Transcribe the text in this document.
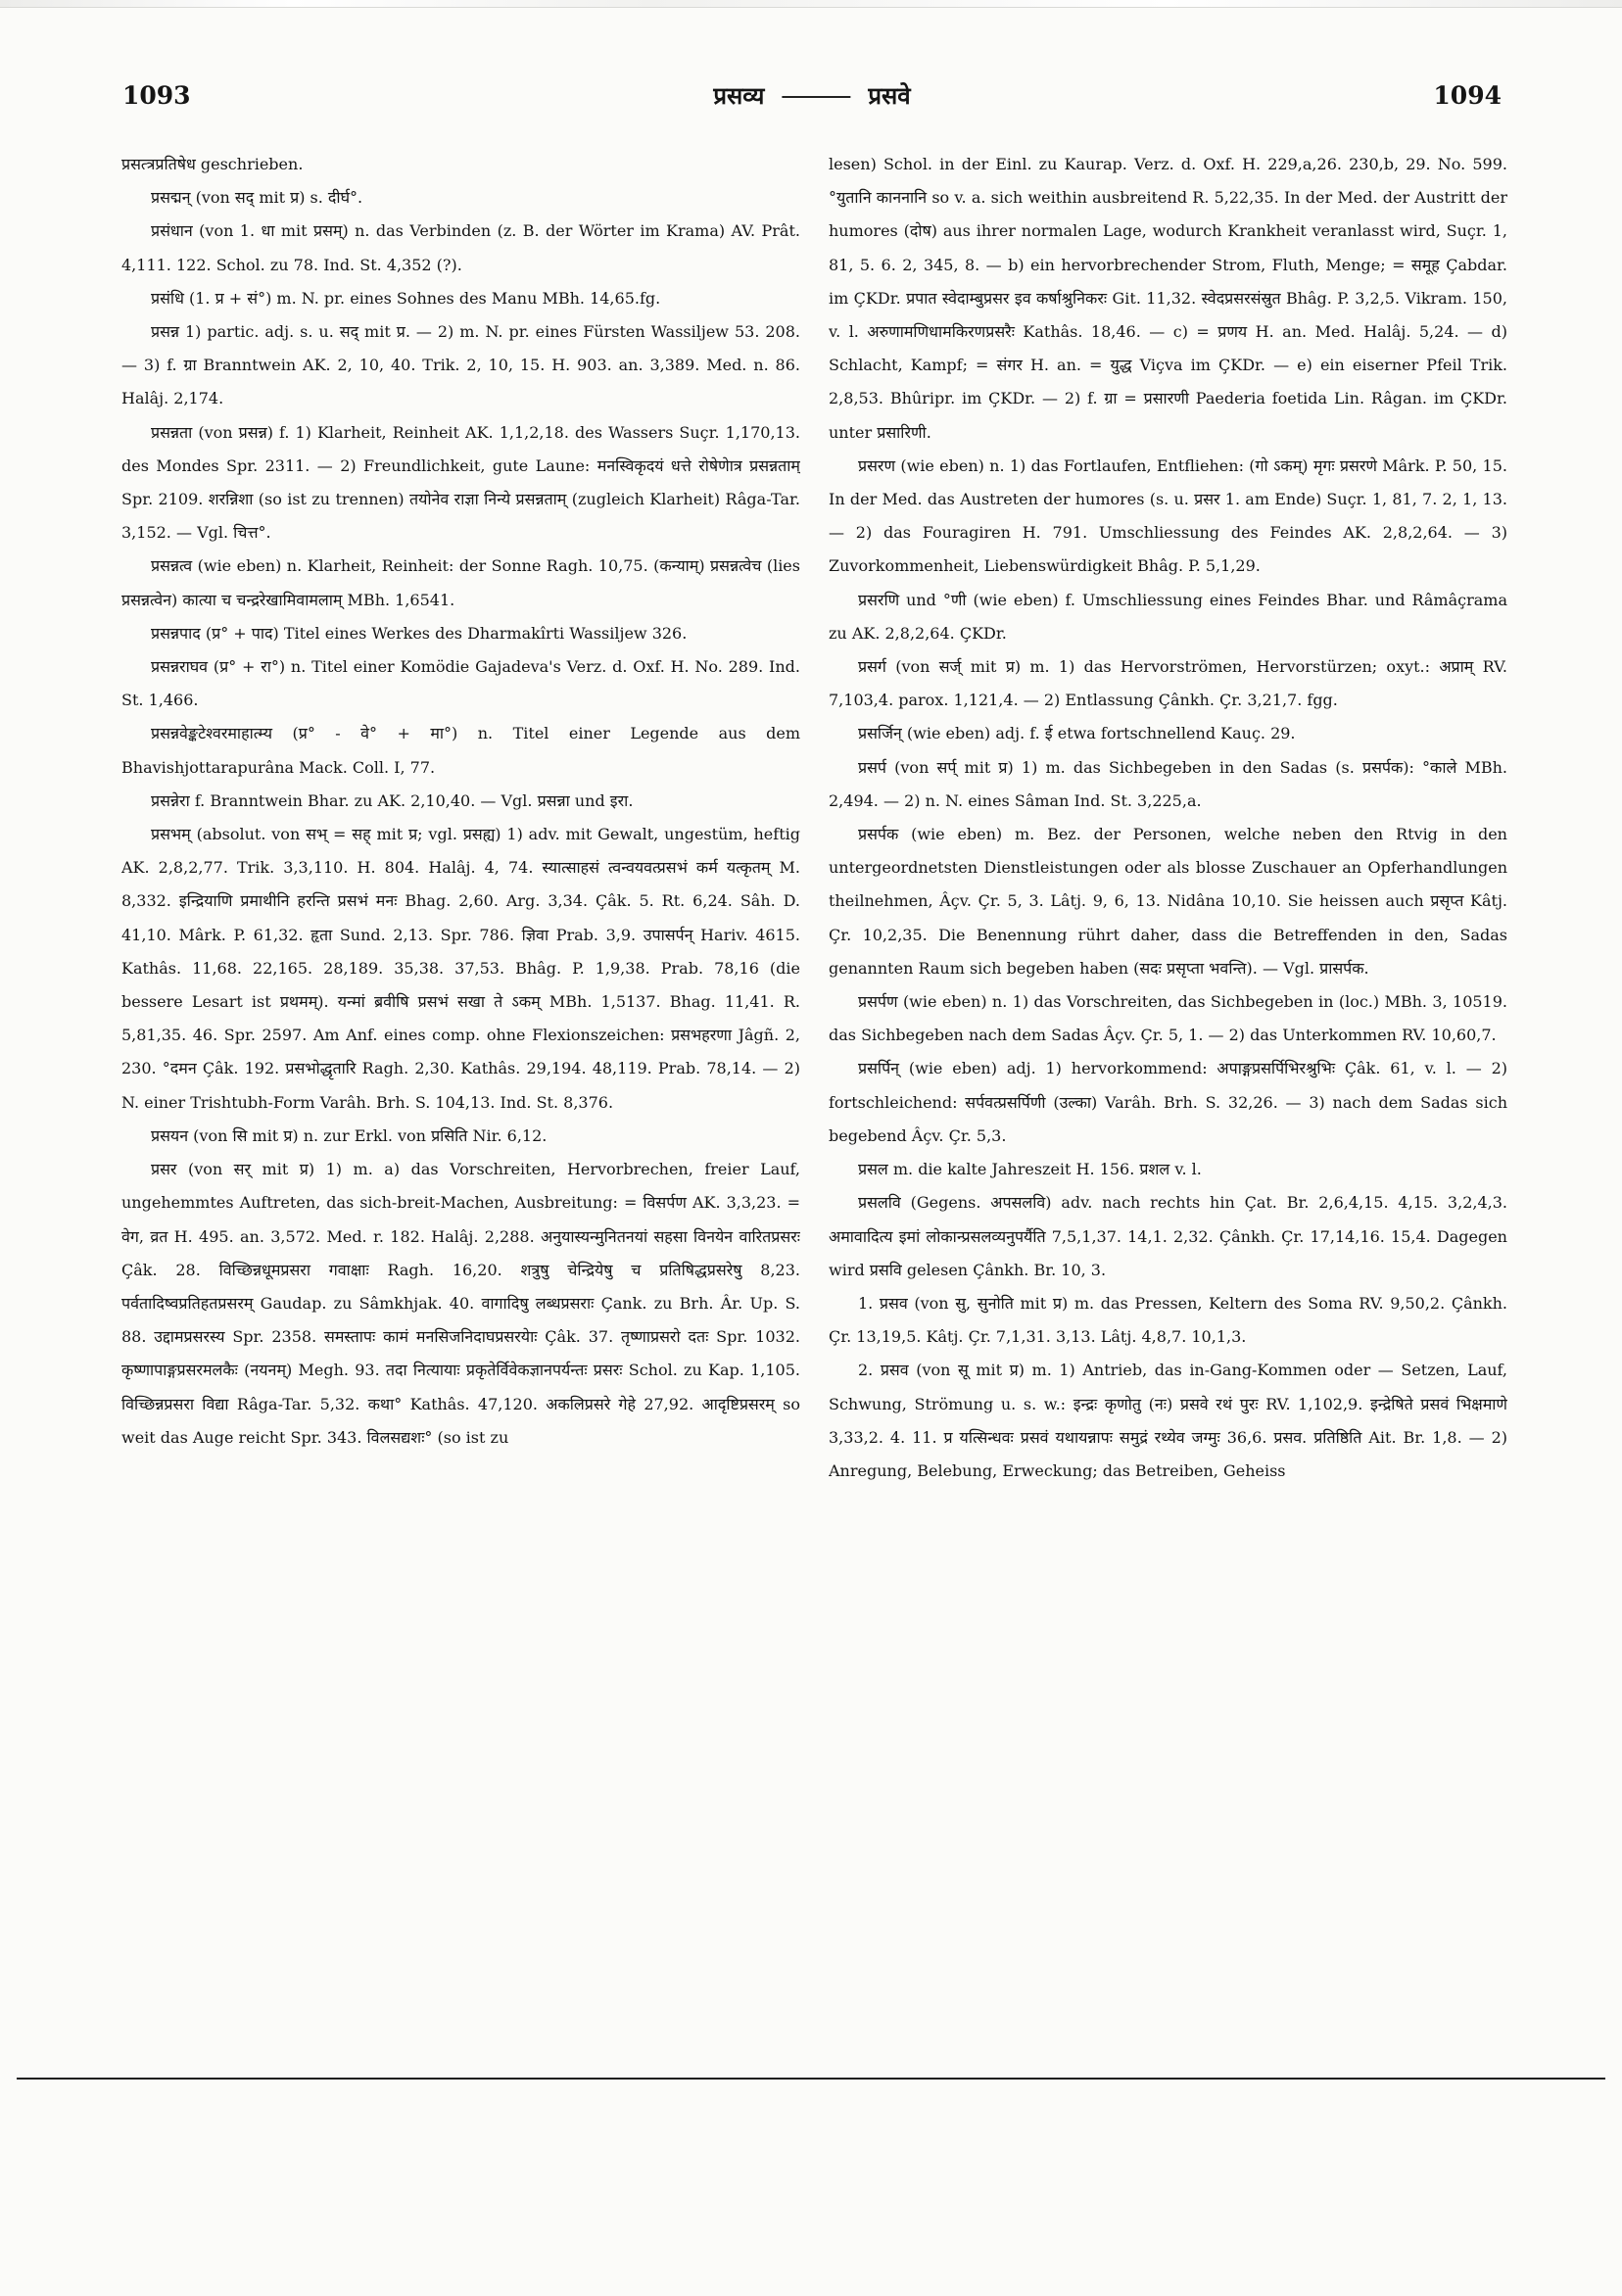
1093	प्रसव्य	प्रसवे	1094

प्रसत्त्रप्रतिषेध geschrieben.

प्रसद्मन् (von सद् mit प्र) s. दीर्घ°.

प्रसंधान (von 1. धा mit प्रसम्) n. das Verbinden (z. B. der Wörter im Krama) AV. Prât. 4,111. 122. Schol. zu 78. Ind. St. 4,352 (?).

प्रसंधि (1. प्र + सं°) m. N. pr. eines Sohnes des Manu MBh. 14,65.fg.

प्रसन्न 1) partic. adj. s. u. सद् mit प्र. — 2) m. N. pr. eines Fürsten Wassiljew 53. 208. — 3) f. ग्रा Branntwein AK. 2, 10, 40. Trik. 2, 10, 15. H. 903. an. 3,389. Med. n. 86. Halâj. 2,174.

प्रसन्नता (von प्रसन्न) f. 1) Klarheit, Reinheit AK. 1,1,2,18. des Wassers Suçr. 1,170,13. des Mondes Spr. 2311. — 2) Freundlichkeit, gute Laune: मनस्विकृदयं धत्ते रोषेणेात्र प्रसन्नताम् Spr. 2109. शरन्निशा (so ist zu trennen) तयोनेव राज्ञा निन्ये प्रसन्नताम् (zugleich Klarheit) Râga-Tar. 3,152. — Vgl. चित्त°.

प्रसन्नत्व (wie eben) n. Klarheit, Reinheit: der Sonne Ragh. 10,75. (कन्याम्) प्रसन्नत्वेच (lies प्रसन्नत्वेन) कात्या च चन्द्ररेखामिवामलाम् MBh. 1,6541.

प्रसन्नपाद (प्र° + पाद) Titel eines Werkes des Dharmakîrti Wassiljew 326.

प्रसन्नराघव (प्र° + रा°) n. Titel einer Komödie Gajadeva's Verz. d. Oxf. H. No. 289. Ind. St. 1,466.

प्रसन्नवेङ्कटेश्वरमाहात्म्य (प्र° - वे° + मा°) n. Titel einer Legende aus dem Bhavishjottarapurâna Mack. Coll. I, 77.

प्रसन्नेरा f. Branntwein Bhar. zu AK. 2,10,40. — Vgl. प्रसन्ना und इरा.

प्रसभम् (absolut. von सभ् = सह् mit प्र; vgl. प्रसह्य) 1) adv. mit Gewalt, ungestüm, heftig AK. 2,8,2,77. Trik. 3,3,110. H. 804. Halâj. 4, 74. स्यात्साहसं त्वन्वयवत्प्रसभं कर्म यत्कृतम् M. 8,332. इन्द्रियाणि प्रमाथीनि हरन्ति प्रसभं मनः Bhag. 2,60. Arg. 3,34. Çâk. 5. Rt. 6,24. Sâh. D. 41,10. Mârk. P. 61,32. हृता Sund. 2,13. Spr. 786. ज्ञिवा Prab. 3,9. उपासर्पन् Hariv. 4615. Kathâs. 11,68. 22,165. 28,189. 35,38. 37,53. Bhâg. P. 1,9,38. Prab. 78,16 (die bessere Lesart ist प्रथमम्). यन्मां ब्रवीषि प्रसभं सखा ते ऽकम् MBh. 1,5137. Bhag. 11,41. R. 5,81,35. 46. Spr. 2597. Am Anf. eines comp. ohne Flexionszeichen: प्रसभहरणा Jâgñ. 2, 230. °दमन Çâk. 192. प्रसभोद्धृतारि Ragh. 2,30. Kathâs. 29,194. 48,119. Prab. 78,14. — 2) N. einer Trishtubh-Form Varâh. Brh. S. 104,13. Ind. St. 8,376.

प्रसयन (von सि mit प्र) n. zur Erkl. von प्रसिति Nir. 6,12.

प्रसर (von सर् mit प्र) 1) m. a) das Vorschreiten, Hervorbrechen, freier Lauf, ungehemmtes Auftreten, das sich-breit-Machen, Ausbreitung: = विसर्पण AK. 3,3,23. = वेग, व्रत H. 495. an. 3,572. Med. r. 182. Halâj. 2,288. अनुयास्यन्मुनितनयां सहसा विनयेन वारितप्रसरः Çâk. 28. विच्छिन्नधूमप्रसरा गवाक्षाः Ragh. 16,20. शत्रुषु चेन्द्रियेषु च प्रतिषिद्धप्रसरेषु 8,23. पर्वतादिष्वप्रतिहतप्रसरम् Gaudap. zu Sâmkhjak. 40. वागादिषु लब्धप्रसराः Çank. zu Brh. Âr. Up. S. 88. उद्दामप्रसरस्य Spr. 2358. समस्तापः कामं मनसिजनिदाघप्रसरयेाः Çâk. 37. तृष्णाप्रसरो दतः Spr. 1032. कृष्णापाङ्गप्रसरमलकैः (नयनम्) Megh. 93. तदा नित्यायाः प्रकृतेर्विवेकज्ञानपर्यन्तः प्रसरः Schol. zu Kap. 1,105. विच्छिन्नप्रसरा विद्या Râga-Tar. 5,32. कथा° Kathâs. 47,120. अकलिप्रसरे गेहे 27,92. आदृष्टिप्रसरम् so weit das Auge reicht Spr. 343. विलसद्यशः° (so ist zu

lesen) Schol. in der Einl. zu Kaurap. Verz. d. Oxf. H. 229,a,26. 230,b, 29. No. 599. °युतानि काननानि so v. a. sich weithin ausbreitend R. 5,22,35. In der Med. der Austritt der humores (दोष) aus ihrer normalen Lage, wodurch Krankheit veranlasst wird, Suçr. 1, 81, 5. 6. 2, 345, 8. — b) ein hervorbrechender Strom, Fluth, Menge; = समूह Çabdar. im ÇKDr. प्रपात स्वेदाम्बुप्रसर इव कर्षाश्रुनिकरः Git. 11,32. स्वेदप्रसरसंस्रुत Bhâg. P. 3,2,5. Vikram. 150, v. l. अरुणामणिधामकिरणप्रसरैः Kathâs. 18,46. — c) = प्रणय H. an. Med. Halâj. 5,24. — d) Schlacht, Kampf; = संगर H. an. = युद्ध Viçva im ÇKDr. — e) ein eiserner Pfeil Trik. 2,8,53. Bhûripr. im ÇKDr. — 2) f. ग्रा = प्रसारणी Paederia foetida Lin. Râgan. im ÇKDr. unter प्रसारिणी.

प्रसरण (wie eben) n. 1) das Fortlaufen, Entfliehen: (गो ऽकम्) मृगः प्रसरणे Mârk. P. 50, 15. In der Med. das Austreten der humores (s. u. प्रसर 1. am Ende) Suçr. 1, 81, 7. 2, 1, 13. — 2) das Fouragiren H. 791. Umschliessung des Feindes AK. 2,8,2,64. — 3) Zuvorkommenheit, Liebenswürdigkeit Bhâg. P. 5,1,29.

प्रसरणि und °णी (wie eben) f. Umschliessung eines Feindes Bhar. und Râmâçrama zu AK. 2,8,2,64. ÇKDr.

प्रसर्ग (von सर्ज् mit प्र) m. 1) das Hervorströmen, Hervorstürzen; oxyt.: अप्राम् RV. 7,103,4. parox. 1,121,4. — 2) Entlassung Çânkh. Çr. 3,21,7. fgg.

प्रसर्जिन् (wie eben) adj. f. ई etwa fortschnellend Kauç. 29.

प्रसर्प (von सर्प् mit प्र) 1) m. das Sichbegeben in den Sadas (s. प्रसर्पक): °काले MBh. 2,494. — 2) n. N. eines Sâman Ind. St. 3,225,a.

प्रसर्पक (wie eben) m. Bez. der Personen, welche neben den Rtvig in den untergeordnetsten Dienstleistungen oder als blosse Zuschauer an Opferhandlungen theilnehmen, Âçv. Çr. 5, 3. Lâtj. 9, 6, 13. Nidâna 10,10. Sie heissen auch प्रसृप्त Kâtj. Çr. 10,2,35. Die Benennung rührt daher, dass die Betreffenden in den, Sadas genannten Raum sich begeben haben (सदः प्रसृप्ता भवन्ति). — Vgl. प्रासर्पक.

प्रसर्पण (wie eben) n. 1) das Vorschreiten, das Sichbegeben in (loc.) MBh. 3, 10519. das Sichbegeben nach dem Sadas Âçv. Çr. 5, 1. — 2) das Unterkommen RV. 10,60,7.

प्रसर्पिन् (wie eben) adj. 1) hervorkommend: अपाङ्गप्रसर्पिभिरश्रुभिः Çâk. 61, v. l. — 2) fortschleichend: सर्पवत्प्रसर्पिणी (उल्का) Varâh. Brh. S. 32,26. — 3) nach dem Sadas sich begebend Âçv. Çr. 5,3.

प्रसल m. die kalte Jahreszeit H. 156. प्रशल v. l.

प्रसलवि (Gegens. अपसलवि) adv. nach rechts hin Çat. Br. 2,6,4,15. 4,15. 3,2,4,3. अमावादित्य इमां लोकान्प्रसलव्यनुपर्यैति 7,5,1,37. 14,1. 2,32. Çânkh. Çr. 17,14,16. 15,4. Dagegen wird प्रसवि gelesen Çânkh. Br. 10, 3.

1. प्रसव (von सु, सुनोति mit प्र) m. das Pressen, Keltern des Soma RV. 9,50,2. Çânkh. Çr. 13,19,5. Kâtj. Çr. 7,1,31. 3,13. Lâtj. 4,8,7. 10,1,3.

2. प्रसव (von सू mit प्र) m. 1) Antrieb, das in-Gang-Kommen oder — Setzen, Lauf, Schwung, Strömung u. s. w.: इन्द्रः कृणोतु (नः) प्रसवे रथं पुरः RV. 1,102,9. इन्द्रेषिते प्रसवं भिक्षमाणे 3,33,2. 4. 11. प्र यत्सिन्धवः प्रसवं यथायन्नापः समुद्रं रथ्येव जग्मुः 36,6. प्रसव. प्रतिष्ठिति Ait. Br. 1,8. — 2) Anregung, Belebung, Erweckung; das Betreiben, Geheiss
